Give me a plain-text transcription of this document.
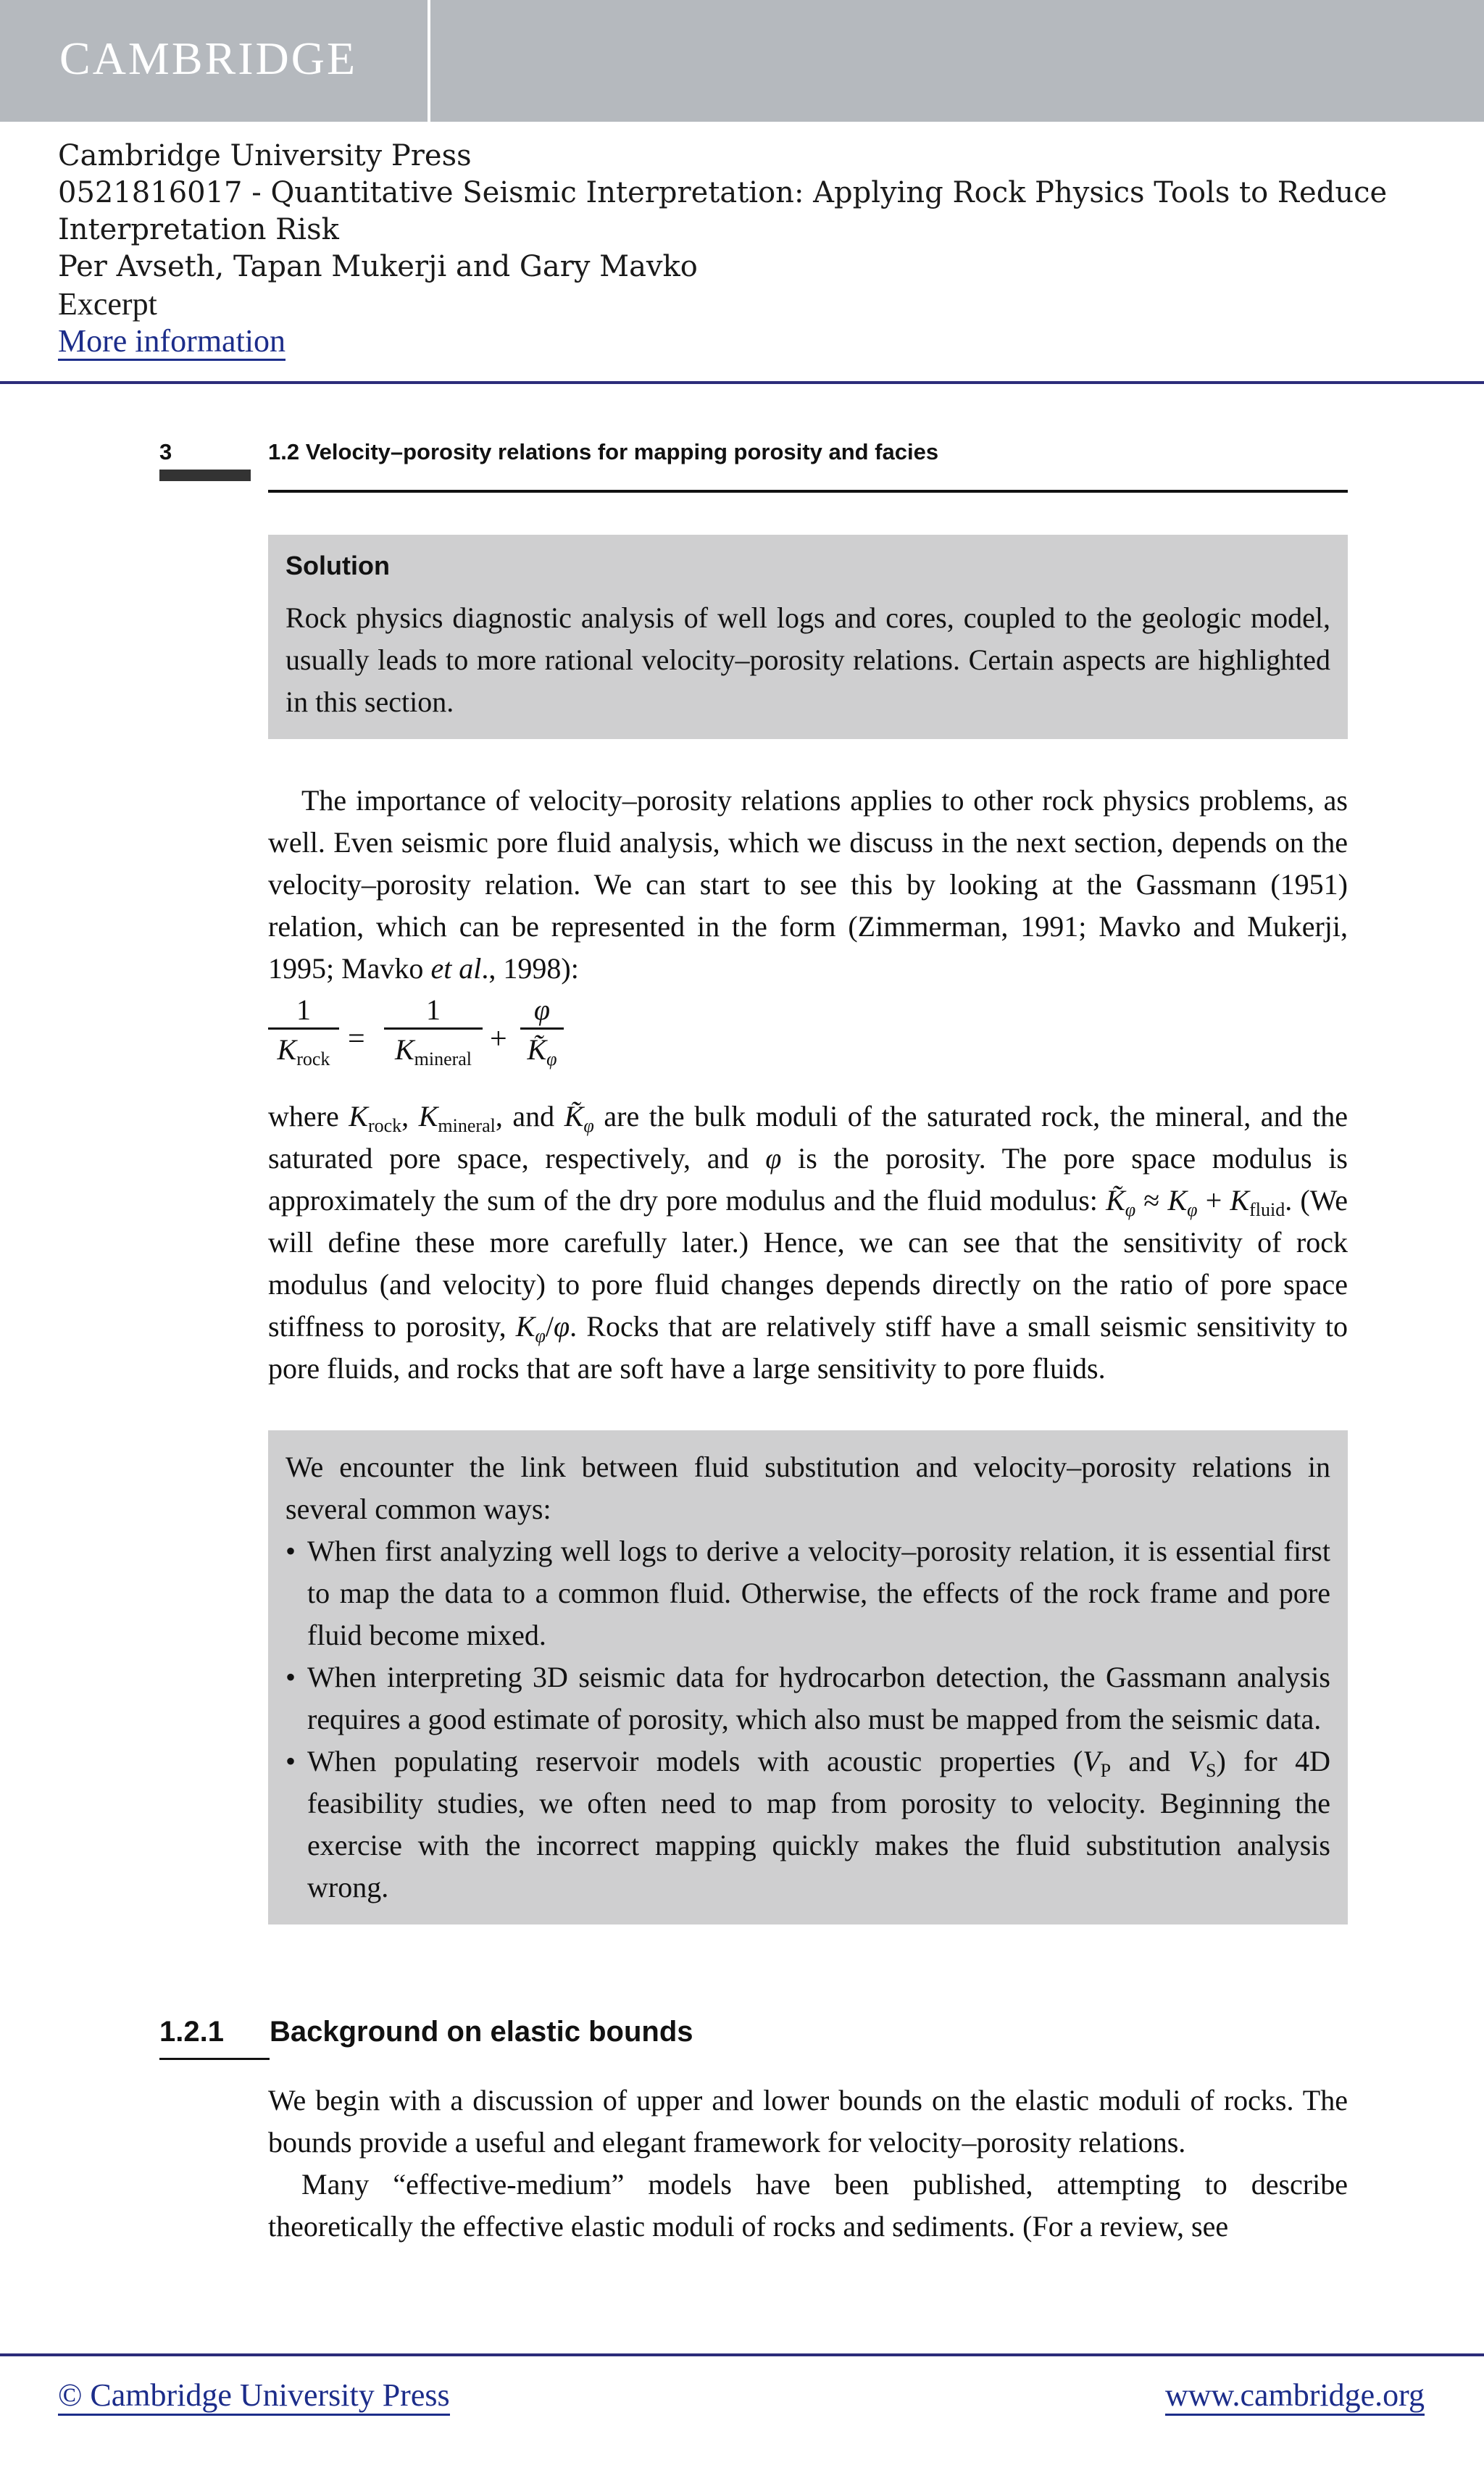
CAMBRIDGE
Cambridge University Press
0521816017 - Quantitative Seismic Interpretation: Applying Rock Physics Tools to Reduce Interpretation Risk
Per Avseth, Tapan Mukerji and Gary Mavko
Excerpt
More information
3	1.2 Velocity–porosity relations for mapping porosity and facies
Solution
Rock physics diagnostic analysis of well logs and cores, coupled to the geologic model, usually leads to more rational velocity–porosity relations. Certain aspects are highlighted in this section.
The importance of velocity–porosity relations applies to other rock physics problems, as well. Even seismic pore fluid analysis, which we discuss in the next section, depends on the velocity–porosity relation. We can start to see this by looking at the Gassmann (1951) relation, which can be represented in the form (Zimmerman, 1991; Mavko and Mukerji, 1995; Mavko et al., 1998):
1
$K_{rock}$
=
1
$K_{mineral}$
+
φ
$K̃_\varphi$
where $K_{rock}$, $K_{mineral}$, and $K̃_\varphi$ are the bulk moduli of the saturated rock, the mineral, and the saturated pore space, respectively, and φ is the porosity. The pore space modulus is approximately the sum of the dry pore modulus and the fluid modulus: $K̃_\varphi \approx K_\varphi + K_{fluid}$. (We will define these more carefully later.) Hence, we can see that the sensitivity of rock modulus (and velocity) to pore fluid changes depends directly on the ratio of pore space stiffness to porosity, $K_\varphi/\varphi$. Rocks that are relatively stiff have a small seismic sensitivity to pore fluids, and rocks that are soft have a large sensitivity to pore fluids.
We encounter the link between fluid substitution and velocity–porosity relations in several common ways:
• When first analyzing well logs to derive a velocity–porosity relation, it is essential first to map the data to a common fluid. Otherwise, the effects of the rock frame and pore fluid become mixed.
• When interpreting 3D seismic data for hydrocarbon detection, the Gassmann analysis requires a good estimate of porosity, which also must be mapped from the seismic data.
• When populating reservoir models with acoustic properties ($V_P$ and $V_S$) for 4D feasibility studies, we often need to map from porosity to velocity. Beginning the exercise with the incorrect mapping quickly makes the fluid substitution analysis wrong.
1.2.1 Background on elastic bounds
We begin with a discussion of upper and lower bounds on the elastic moduli of rocks. The bounds provide a useful and elegant framework for velocity–porosity relations.
Many “effective-medium” models have been published, attempting to describe theoretically the effective elastic moduli of rocks and sediments. (For a review, see
© Cambridge University Press	www.cambridge.org
